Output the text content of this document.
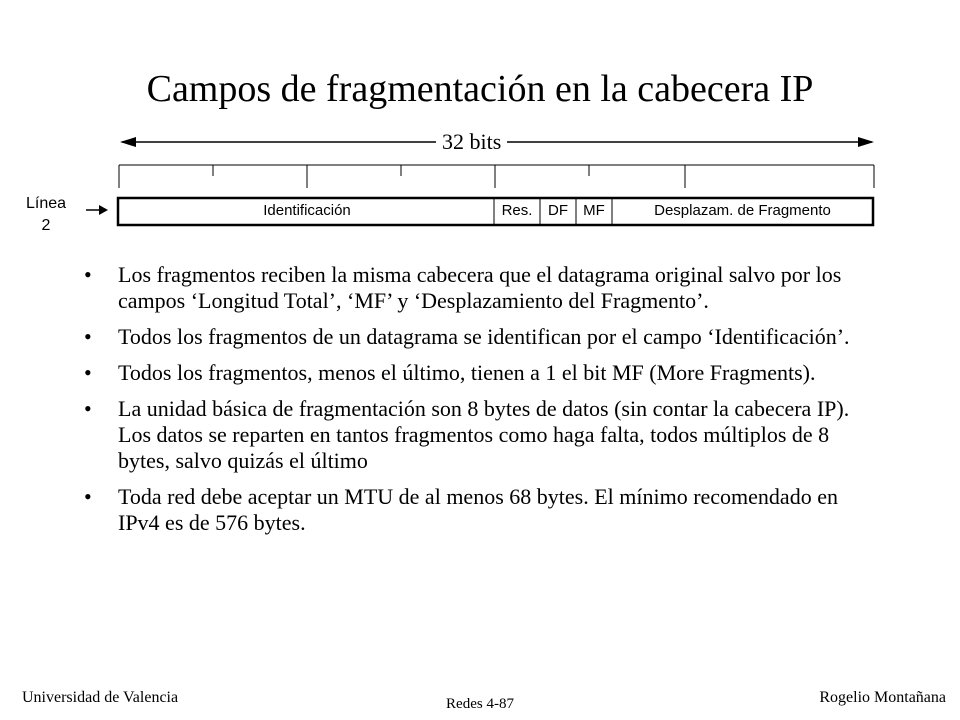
Campos de fragmentación en la cabecera IP
32 bits
Línea
2
Identificación	Res.	DF	MF	Desplazam. de Fragmento
• Los fragmentos reciben la misma cabecera que el datagrama original salvo por los campos ‘Longitud Total’, ‘MF’ y ‘Desplazamiento del Fragmento’.
• Todos los fragmentos de un datagrama se identifican por el campo ‘Identificación’.
• Todos los fragmentos, menos el último, tienen a 1 el bit MF (More Fragments).
• La unidad básica de fragmentación son 8 bytes de datos (sin contar la cabecera IP). Los datos se reparten en tantos fragmentos como haga falta, todos múltiplos de 8 bytes, salvo quizás el último
• Toda red debe aceptar un MTU de al menos 68 bytes. El mínimo recomendado en IPv4 es de 576 bytes.
Universidad de Valencia	Redes 4-87	Rogelio Montañana
